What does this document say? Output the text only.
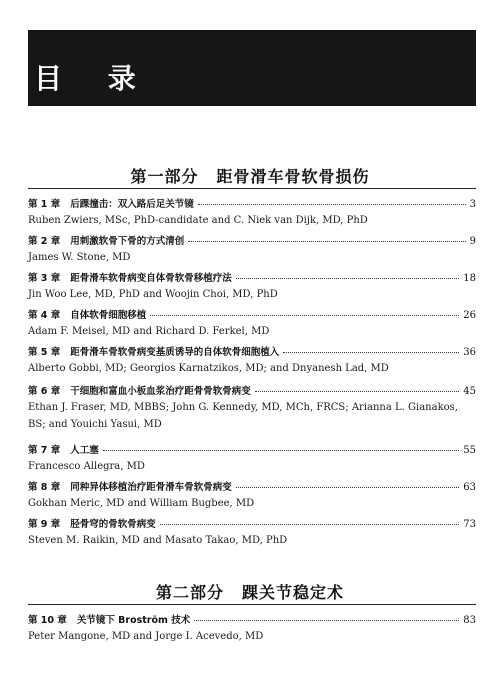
目 录
第一部分 距骨滑车骨软骨损伤
第 1 章 后踝撞击：双入路后足关节镜	3
Ruben Zwiers, MSc, PhD-candidate and C. Niek van Dijk, MD, PhD
第 2 章 用刺激软骨下骨的方式清创	9
James W. Stone, MD
第 3 章 距骨滑车软骨病变自体骨软骨移植疗法	18
Jin Woo Lee, MD, PhD and Woojin Choi, MD, PhD
第 4 章 自体软骨细胞移植	26
Adam F. Meisel, MD and Richard D. Ferkel, MD
第 5 章 距骨滑车骨软骨病变基质诱导的自体软骨细胞植入	36
Alberto Gobbi, MD; Georgios Karnatzikos, MD; and Dnyanesh Lad, MD
第 6 章 干细胞和富血小板血浆治疗距骨骨软骨病变	45
Ethan J. Fraser, MD, MBBS; John G. Kennedy, MD, MCh, FRCS; Arianna L. Gianakos,
BS; and Youichi Yasui, MD
第 7 章 人工塞	55
Francesco Allegra, MD
第 8 章 同种异体移植治疗距骨滑车骨软骨病变	63
Gokhan Meric, MD and William Bugbee, MD
第 9 章 胫骨穹的骨软骨病变	73
Steven M. Raikin, MD and Masato Takao, MD, PhD
第二部分 踝关节稳定术
第 10 章 关节镜下 Broström 技术	83
Peter Mangone, MD and Jorge I. Acevedo, MD
